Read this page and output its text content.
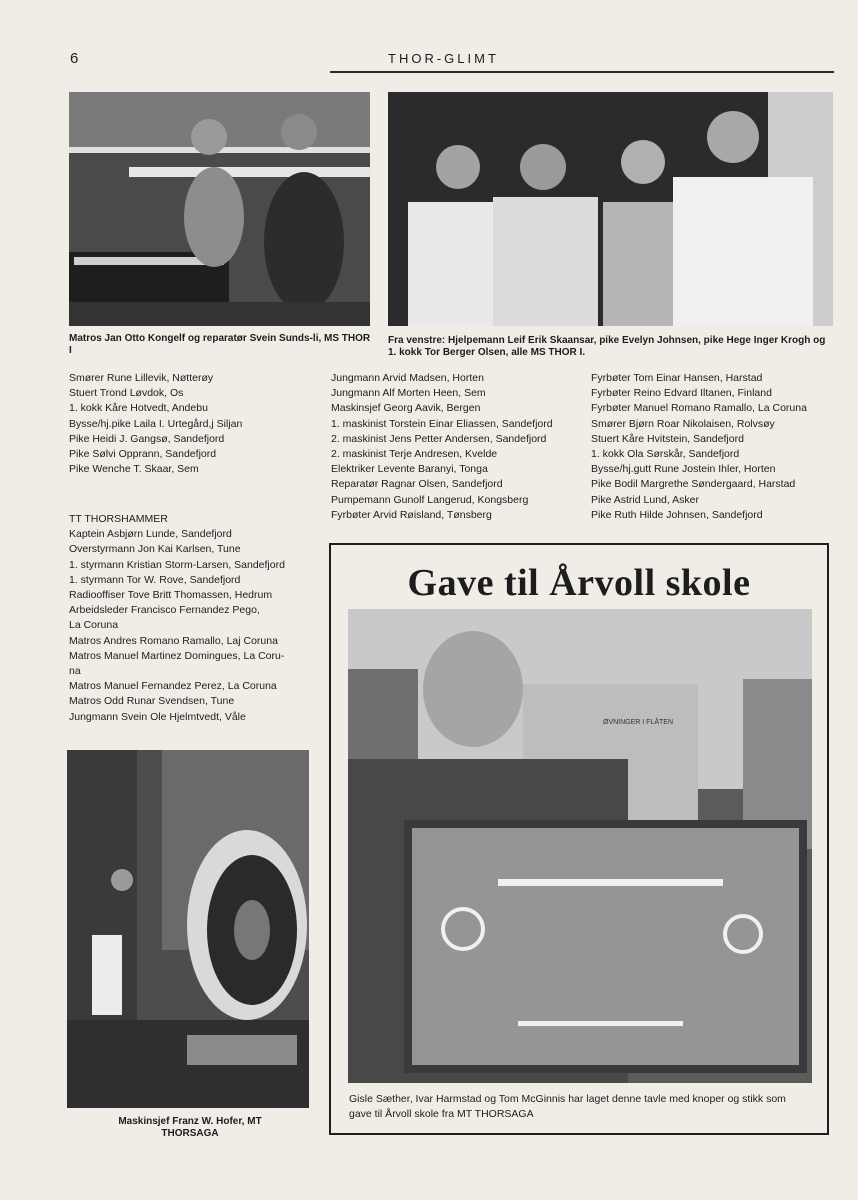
6	THOR-GLIMT
Matros Jan Otto Kongelf og reparatør Svein Sunds-li, MS THOR I
Fra venstre: Hjelpemann Leif Erik Skaansar, pike Evelyn Johnsen, pike Hege Inger Krogh og 1. kokk Tor Berger Olsen, alle MS THOR I.
Smører Rune Lillevik, Nøtterøy
Stuert Trond Løvdok, Os
1. kokk Kåre Hotvedt, Andebu
Bysse/hj.pike Laila I. Urtegård,j Siljan
Pike Heidi J. Gangsø, Sandefjord
Pike Sølvi Opprann, Sandefjord
Pike Wenche T. Skaar, Sem
TT THORSHAMMER
Kaptein Asbjørn Lunde, Sandefjord
Overstyrmann Jon Kai Karlsen, Tune
1. styrmann Kristian Storm-Larsen, Sandefjord
1. styrmann Tor W. Rove, Sandefjord
Radiooffiser Tove Britt Thomassen, Hedrum
Arbeidsleder Francisco Fernandez Pego,
La Coruna
Matros Andres Romano Ramallo, Laj Coruna
Matros Manuel Martinez Domingues, La Coru-
na
Matros Manuel Fernandez Perez, La Coruna
Matros Odd Runar Svendsen, Tune
Jungmann Svein Ole Hjelmtvedt, Våle
Jungmann Arvid Madsen, Horten
Jungmann Alf Morten Heen, Sem
Maskinsjef Georg Aavik, Bergen
1. maskinist Torstein Einar Eliassen, Sandefjord
2. maskinist Jens Petter Andersen, Sandefjord
2. maskinist Terje Andresen, Kvelde
Elektriker Levente Baranyi, Tonga
Reparatør Ragnar Olsen, Sandefjord
Pumpemann Gunolf Langerud, Kongsberg
Fyrbøter Arvid Røisland, Tønsberg
Fyrbøter Tom Einar Hansen, Harstad
Fyrbøter Reino Edvard Iltanen, Finland
Fyrbøter Manuel Romano Ramallo, La Coruna
Smører Bjørn Roar Nikolaisen, Rolvsøy
Stuert Kåre Hvitstein, Sandefjord
1. kokk Ola Sørskår, Sandefjord
Bysse/hj.gutt Rune Jostein Ihler, Horten
Pike Bodil Margrethe Søndergaard, Harstad
Pike Astrid Lund, Asker
Pike Ruth Hilde Johnsen, Sandefjord
Maskinsjef Franz W. Hofer, MT THORSAGA
Gave til Årvoll skole
ØVNINGER I FLÅTEN
Gisle Sæther, Ivar Harmstad og Tom McGinnis har laget denne tavle med knoper og stikk som gave til Årvoll skole fra MT THORSAGA
